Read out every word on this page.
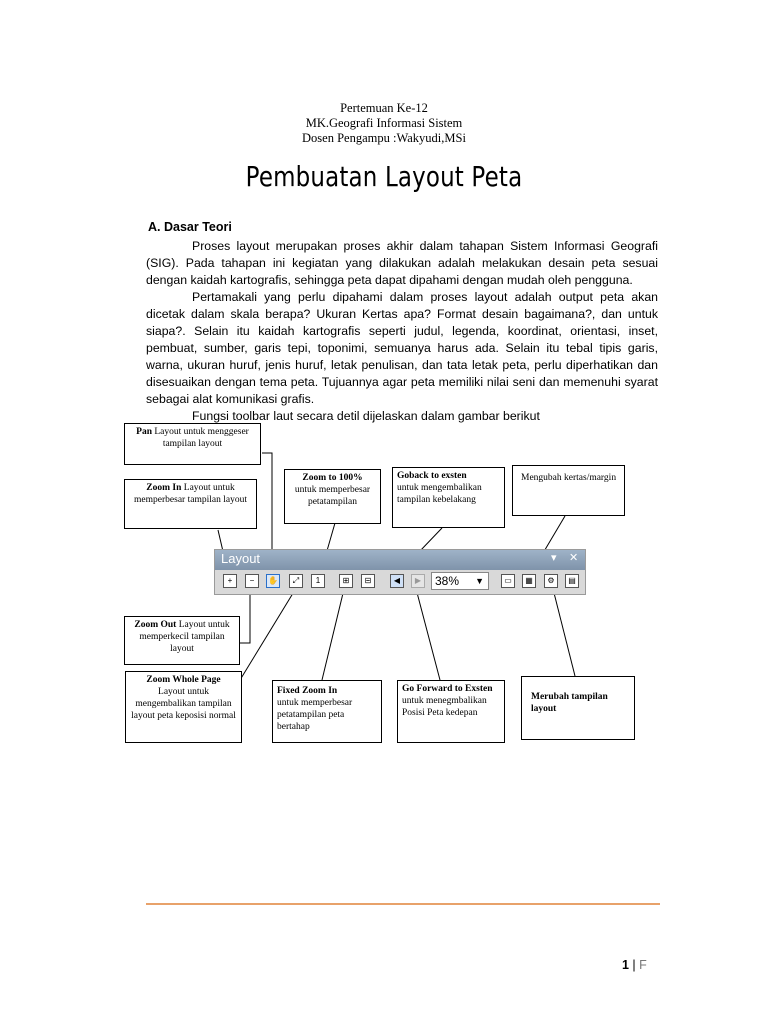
Pertemuan Ke-12
MK.Geografi Informasi Sistem
Dosen Pengampu :Wakyudi,MSi
Pembuatan Layout Peta
A. Dasar Teori

Proses layout merupakan proses akhir dalam tahapan Sistem Informasi Geografi (SIG). Pada tahapan ini kegiatan yang dilakukan adalah melakukan desain peta sesuai dengan kaidah kartografis, sehingga peta dapat dipahami dengan mudah oleh pengguna.

Pertamakali yang perlu dipahami dalam proses layout adalah output peta akan dicetak dalam skala berapa? Ukuran Kertas apa? Format desain bagaimana?, dan untuk siapa?. Selain itu kaidah kartografis seperti judul, legenda, koordinat, orientasi, inset, pembuat, sumber, garis tepi, toponimi, semuanya harus ada. Selain itu tebal tipis garis, warna, ukuran huruf, jenis huruf, letak penulisan, dan tata letak peta, perlu diperhatikan dan disesuaikan dengan tema peta. Tujuannya agar peta memiliki nilai seni dan memenuhi syarat sebagai alat komunikasi grafis.

Fungsi toolbar laut secara detil dijelaskan dalam gambar berikut

Pan Layout untuk menggeser tampilan layout
Zoom In Layout untuk memperbesar tampilan layout
Zoom to 100%
untuk memperbesar petatampilan
Goback to exsten
untuk mengembalikan tampilan kebelakang
Mengubah kertas/margin
Layout	▾ ✕
+	−	✋	⤢	1	⊞	⊟	◀	▶	38% ▼	▭	▦	⚙	▤
Zoom Out Layout untuk memperkecil tampilan layout
Zoom Whole Page
Layout untuk mengembalikan tampilan layout peta keposisi normal
Fixed Zoom In
untuk memperbesar petatampilan peta bertahap
Go Forward to Exsten untuk menegmbalikan Posisi Peta kedepan
Merubah tampilan layout
1 | F
